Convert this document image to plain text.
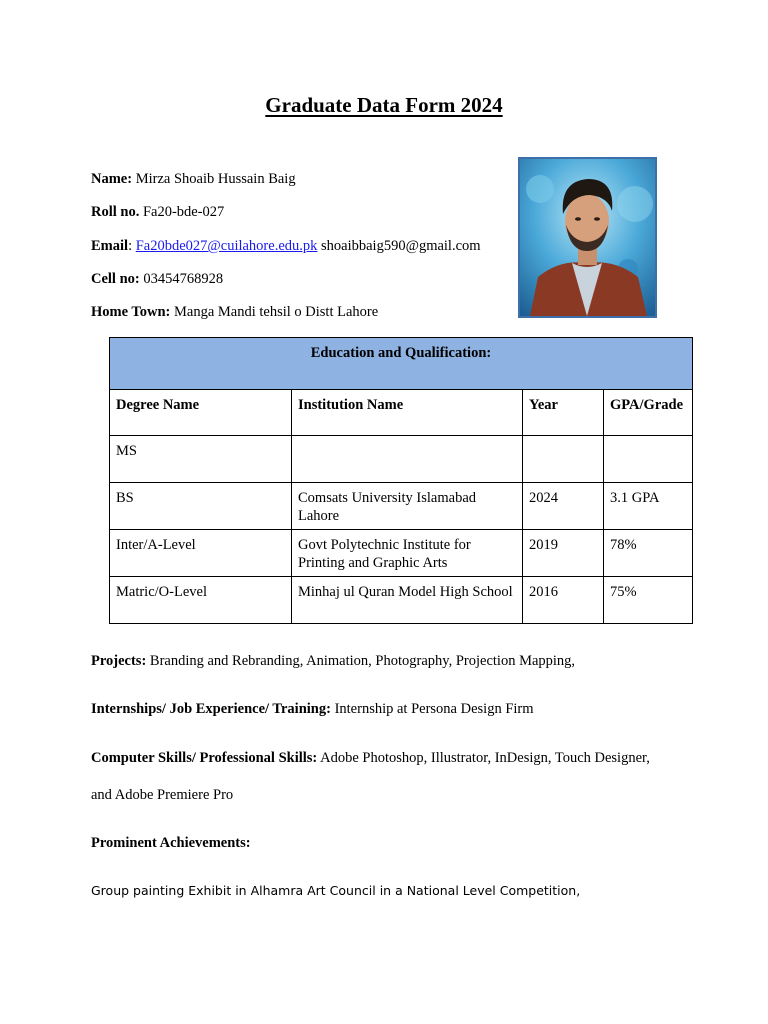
Graduate Data Form 2024
Name: Mirza Shoaib Hussain Baig
Roll no. Fa20-bde-027
Email: Fa20bde027@cuilahore.edu.pk shoaibbaig590@gmail.com
Cell no: 03454768928
Home Town: Manga Mandi tehsil o Distt Lahore
Education and Qualification:			
Degree Name	Institution Name	Year	GPA/Grade
MS			
BS	Comsats University Islamabad Lahore	2024	3.1 GPA
Inter/A-Level	Govt Polytechnic Institute for Printing and Graphic Arts	2019	78%
Matric/O-Level	Minhaj ul Quran Model High School	2016	75%
Projects: Branding and Rebranding, Animation, Photography, Projection Mapping,
Internships/ Job Experience/ Training: Internship at Persona Design Firm
Computer Skills/ Professional Skills: Adobe Photoshop, Illustrator, InDesign, Touch Designer,
and Adobe Premiere Pro
Prominent Achievements:
Group painting Exhibit in Alhamra Art Council in a National Level Competition,
